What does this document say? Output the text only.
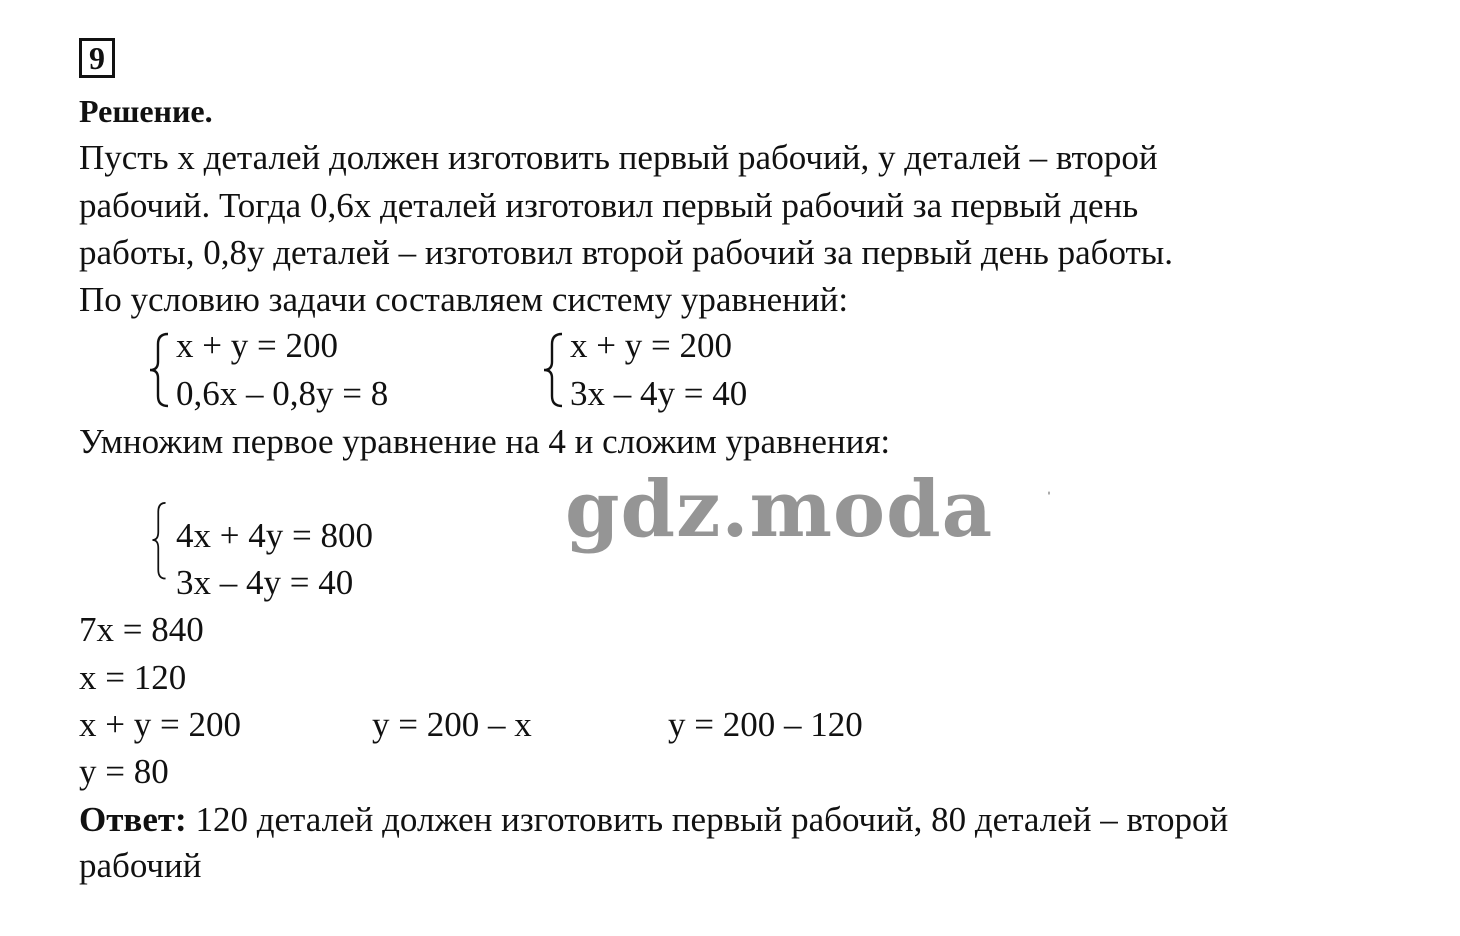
9
Решение.
Пусть x деталей должен изготовить первый рабочий, y деталей – второй
рабочий. Тогда 0,6x деталей изготовил первый рабочий за первый день
работы, 0,8y деталей – изготовил второй рабочий за первый день работы.
По условию задачи составляем систему уравнений:
x + y = 200
0,6x – 0,8y = 8
x + y = 200
3x – 4y = 40
Умножим первое уравнение на 4 и сложим уравнения:
4x + 4y = 800
3x – 4y = 40
7x = 840
x = 120
x + y = 200	y = 200 – x	y = 200 – 120
y = 80
Ответ: 120 деталей должен изготовить первый рабочий, 80 деталей – второй
рабочий
gdz.moda	ˈ
